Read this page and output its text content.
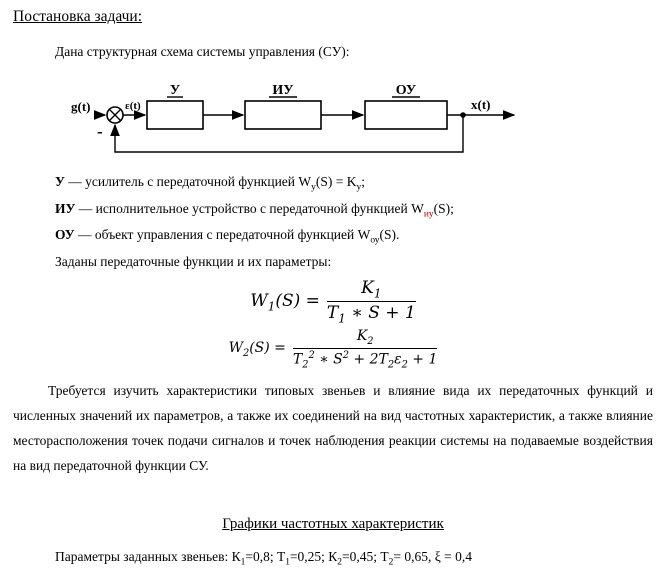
Постановка задачи:

Дана структурная схема системы управления (СУ):

g(t)	ε(t)
У	ИУ	ОУ
x(t)
-

У — усилитель с передаточной функцией $W_у(S) = K_у$;

ИУ — исполнительное устройство с передаточной функцией $W_{иу}(S)$;

ОУ — объект управления с передаточной функцией $W_{оу}(S)$.

Заданы передаточные функции и их параметры:

$W_1(S) = \frac{K_1}{T_1 ∗ S + 1}$
$W_2(S) = \frac{K_2}{T_2^2 ∗ S^2 + 2T_2\varepsilon_2 + 1}$

Требуется изучить характеристики типовых звеньев и влияние вида их передаточных функций и численных значений их параметров, а также их соединений на вид частотных характеристик, а также влияние месторасположения точек подачи сигналов и точек наблюдения реакции системы на подаваемые воздействия на вид передаточной функции СУ.

Графики частотных характеристик

Параметры заданных звеньев: $К_1=0,8$; $Т_1=0,25$; $К_2=0,45$; $Т_2= 0,65$, ξ = 0,4
